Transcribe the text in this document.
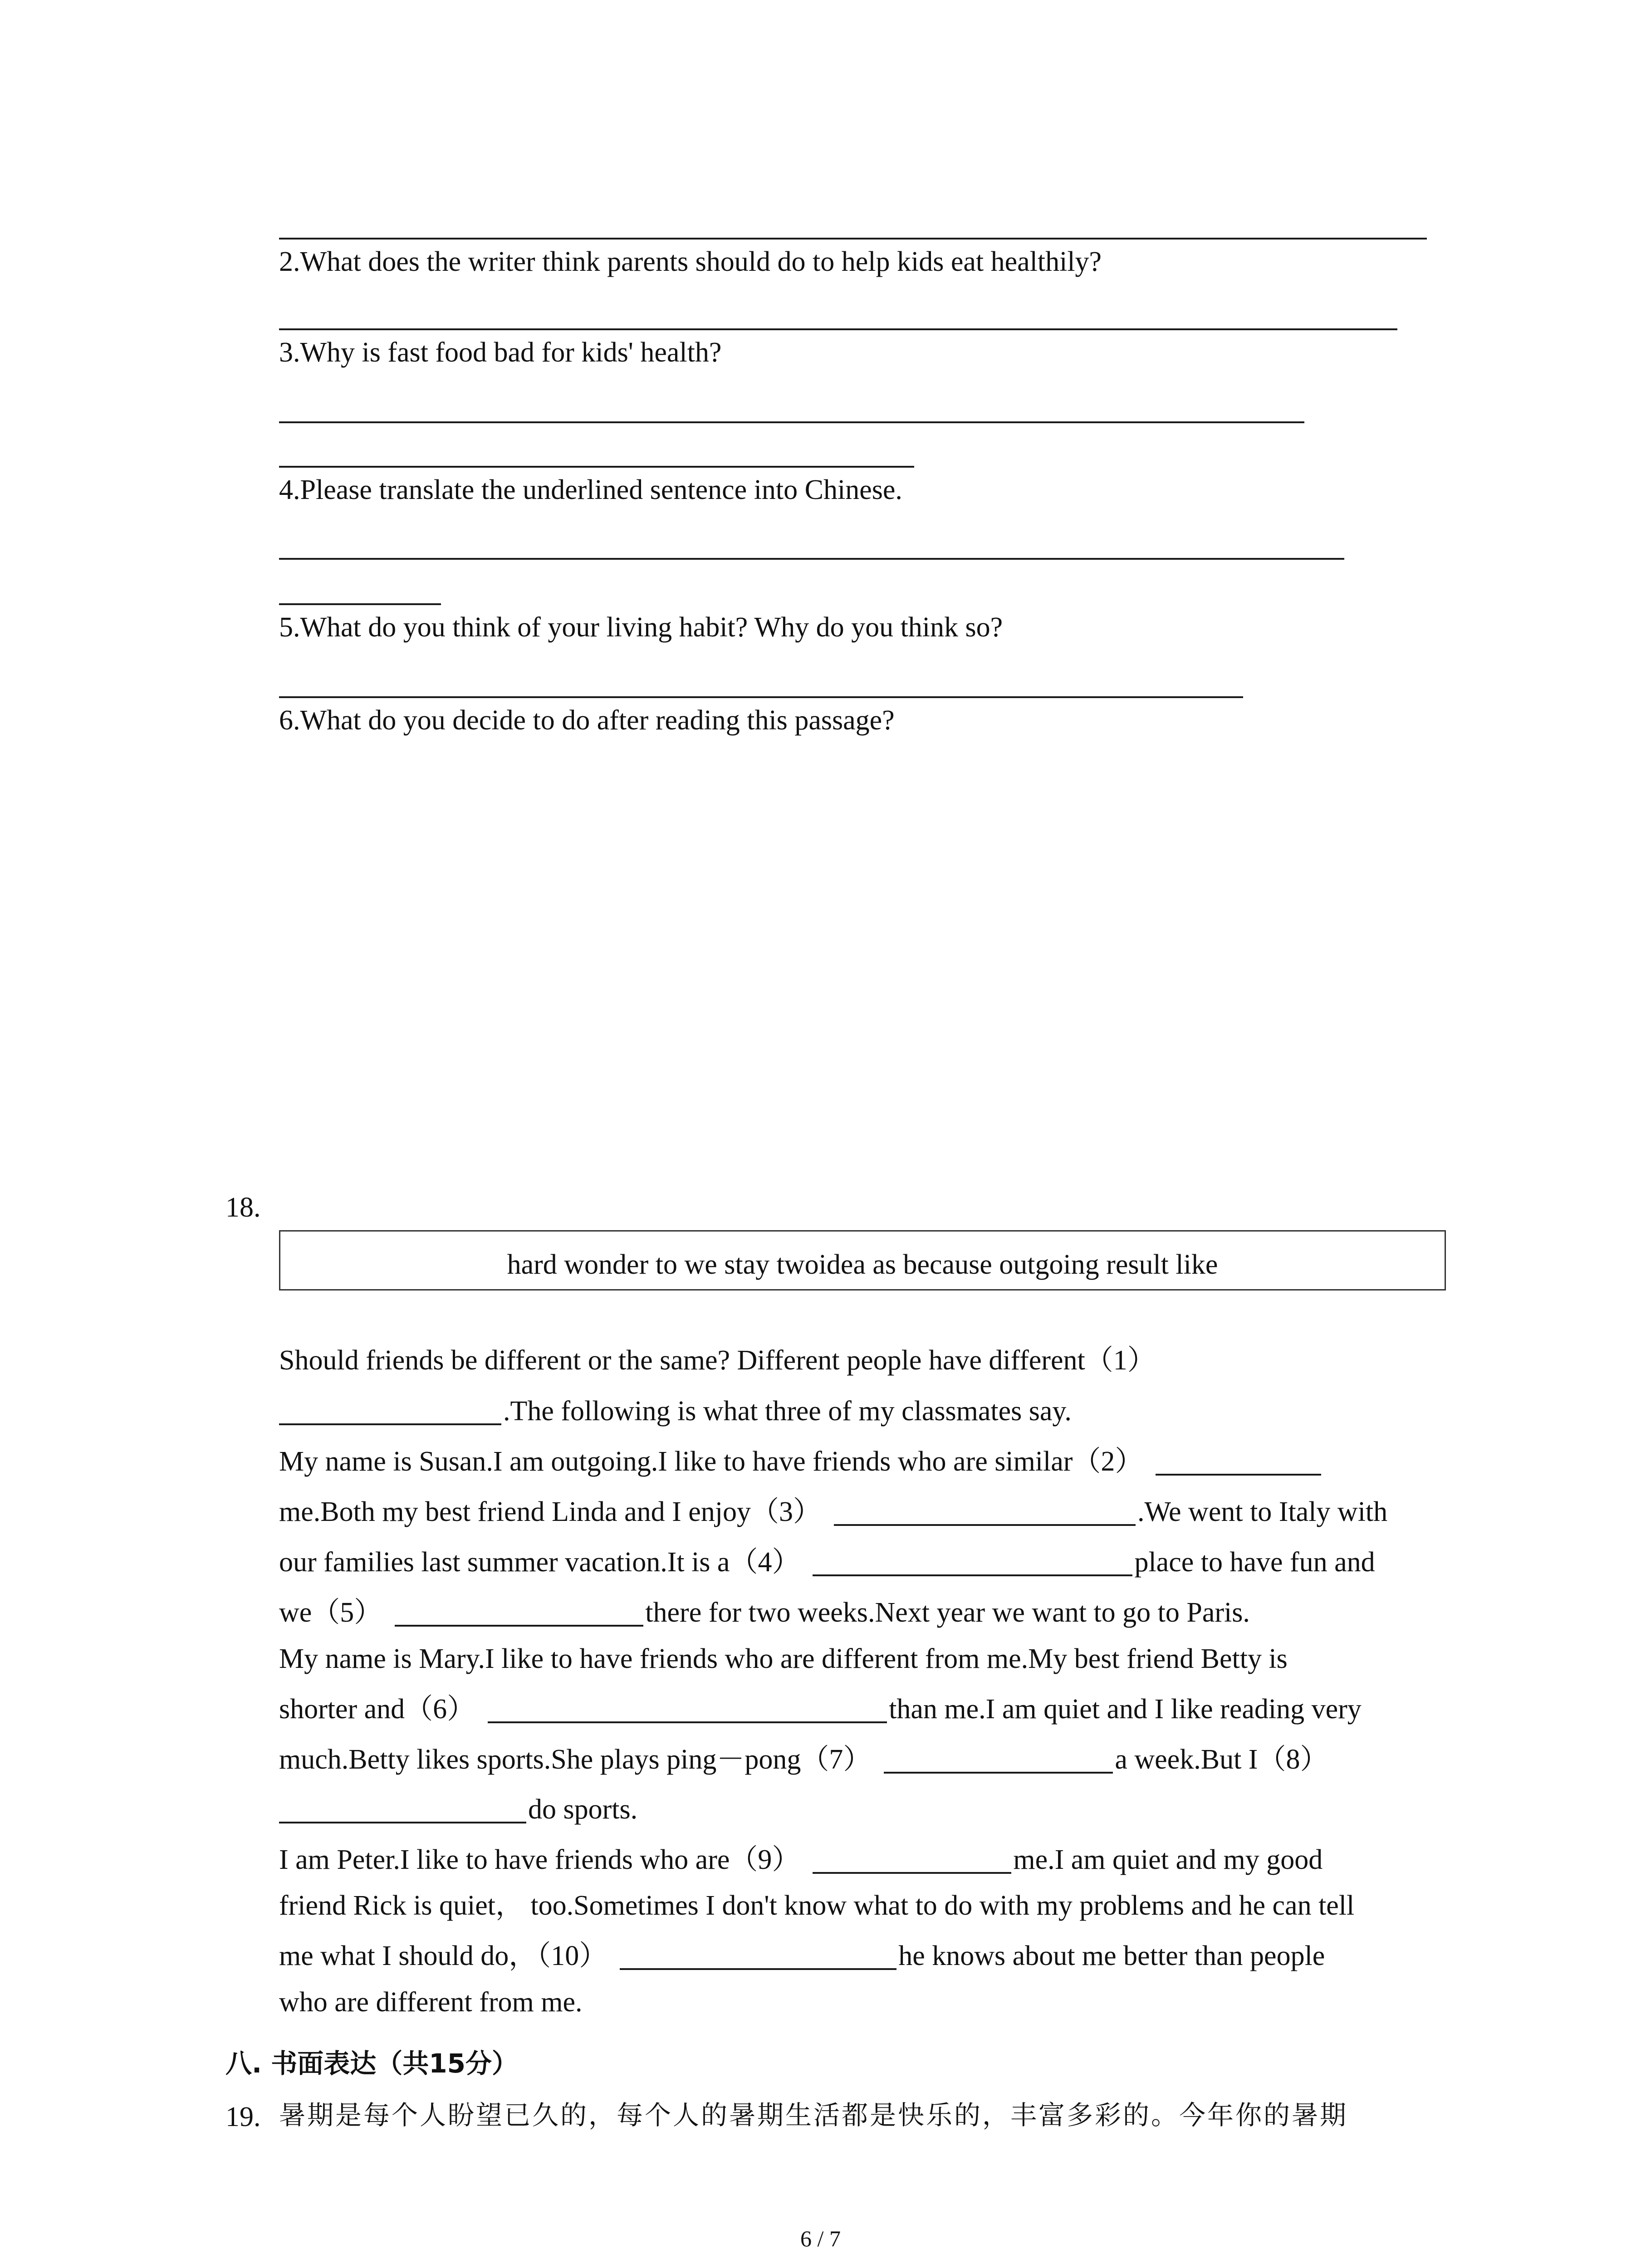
2.What does the writer think parents should do to help kids eat healthily?
3.Why is fast food bad for kids' health?
4.Please translate the underlined sentence into Chinese.
5.What do you think of your living habit? Why do you think so?
6.What do you decide to do after reading this passage?
18.
hard wonder to we stay twoidea as because outgoing result like
Should friends be different or the same? Different people have different（1）
.The following is what three of my classmates say.
My name is Susan.I am outgoing.I like to have friends who are similar（2）
me.Both my best friend Linda and I enjoy（3）	.We went to Italy with
our families last summer vacation.It is a（4）	place to have fun and
we（5）	there for two weeks.Next year we want to go to Paris.
My name is Mary.I like to have friends who are different from me.My best friend Betty is
shorter and（6）	than me.I am quiet and I like reading very
much.Betty likes sports.She plays ping－pong（7）	a week.But I（8）
do sports.
I am Peter.I like to have friends who are（9）	me.I am quiet and my good
friend Rick is quiet， too.Sometimes I don't know what to do with my problems and he can tell
me what I should do，（10）	he knows about me better than people
who are different from me.
八. 书面表达（共15分）
19. 暑期是每个人盼望已久的，每个人的暑期生活都是快乐的，丰富多彩的。今年你的暑期
6 / 7
